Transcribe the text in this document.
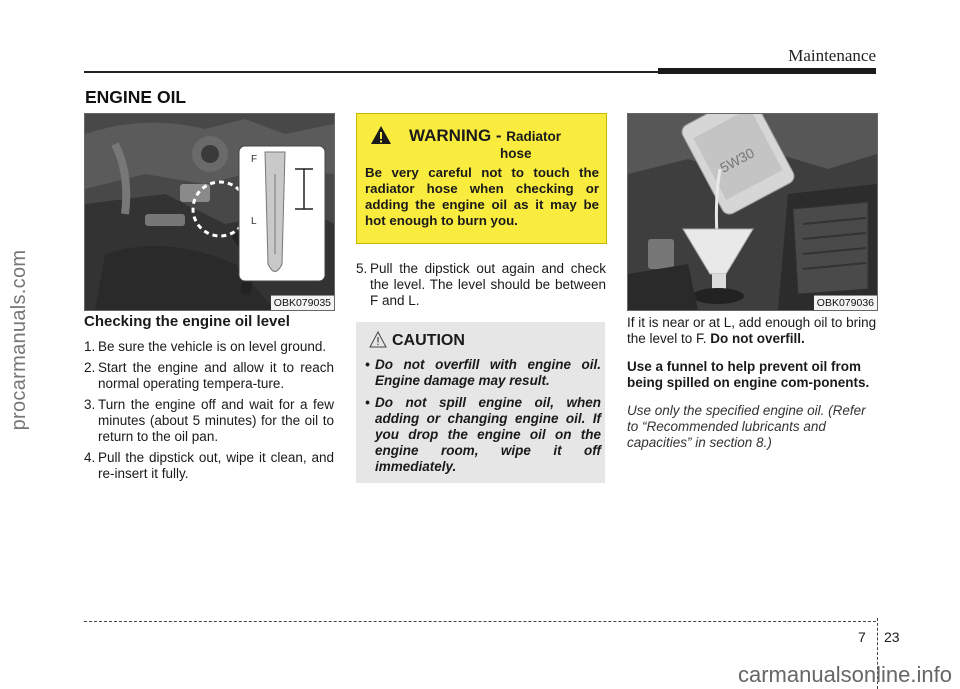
Maintenance
ENGINE OIL
procarmanuals.com
F
L
OBK079035
Checking the engine oil level
1. Be sure the vehicle is on level ground.
2. Start the engine and allow it to reach normal operating tempera-ture.
3. Turn the engine off and wait for a few minutes (about 5 minutes) for the oil to return to the oil pan.
4. Pull the dipstick out, wipe it clean, and re-insert it fully.
WARNING - Radiator
hose
Be very careful not to touch the radiator hose when checking or adding the engine oil as it may be hot enough to burn you.
5. Pull the dipstick out again and check the level. The level should be between F and L.
CAUTION
• Do not overfill with engine oil. Engine damage may result.
• Do not spill engine oil, when adding or changing engine oil. If you drop the engine oil on the engine room, wipe it off immediately.
5W30
OBK079036

If it is near or at L, add enough oil to bring the level to F. Do not overfill.

Use a funnel to help prevent oil from being spilled on engine com-ponents.

Use only the specified engine oil. (Refer to “Recommended lubricants and capacities” in section 8.)

7 23
carmanualsonline.info
